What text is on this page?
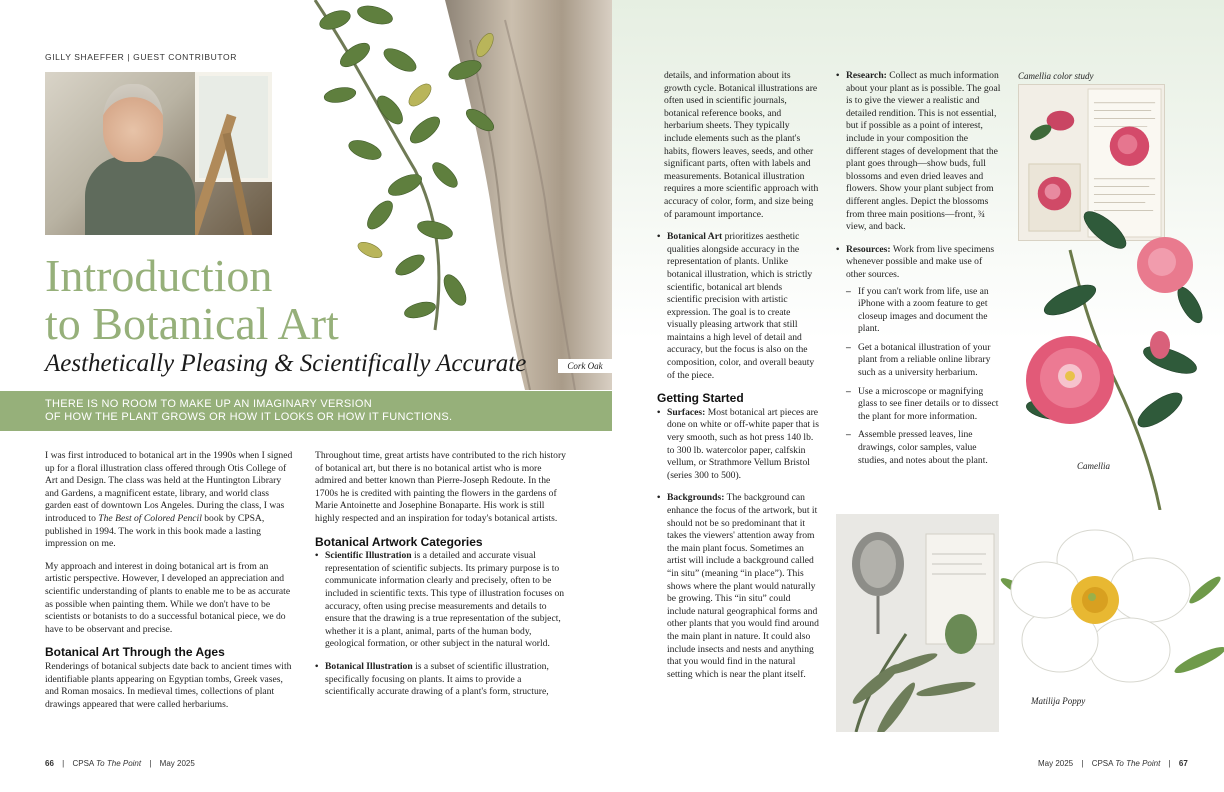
GILLY SHAEFFER | GUEST CONTRIBUTOR
Introduction
to Botanical Art
Aesthetically Pleasing & Scientifically Accurate	Cork Oak
THERE IS NO ROOM TO MAKE UP AN IMAGINARY VERSION
OF HOW THE PLANT GROWS OR HOW IT LOOKS OR HOW IT FUNCTIONS.

I was first introduced to botanical art in the 1990s when I signed up for a floral illustration class offered through Otis College of Art and Design. The class was held at the Huntington Library and Gardens, a magnificent estate, library, and world class garden east of downtown Los Angeles. During the class, I was introduced to The Best of Colored Pencil book by CPSA, published in 1994. The work in this book made a lasting impression on me.

My approach and interest in doing botanical art is from an artistic perspective. However, I developed an appreciation and scientific understanding of plants to enable me to be as accurate as possible when painting them. While we don't have to be scientists or botanists to do a successful botanical piece, we do have to be observant and precise.

Botanical Art Through the Ages

Renderings of botanical subjects date back to ancient times with identifiable plants appearing on Egyptian tombs, Greek vases, and Roman mosaics. In medieval times, collections of plant drawings appeared that were called herbariums.

Throughout time, great artists have contributed to the rich history of botanical art, but there is no botanical artist who is more admired and better known than Pierre-Joseph Redoute. In the 1700s he is credited with painting the flowers in the gardens of Marie Antoinette and Josephine Bonaparte. His work is still highly respected and an inspiration for today's botanical artists.

Botanical Artwork Categories
• Scientific Illustration is a detailed and accurate visual representation of scientific subjects. Its primary purpose is to communicate information clearly and precisely, often to be included in scientific texts. This type of illustration focuses on accuracy, often using precise measurements and details to ensure that the drawing is a true representation of the subject, whether it is a plant, animal, parts of the human body, geological formation, or other subject in the natural world.
• Botanical Illustration is a subset of scientific illustration, specifically focusing on plants. It aims to provide a scientifically accurate drawing of a plant's form, structure,
66 | CPSA To The Point | May 2025

details, and information about its growth cycle. Botanical illustrations are often used in scientific journals, botanical reference books, and herbarium sheets. They typically include elements such as the plant's habits, flowers leaves, seeds, and other significant parts, often with labels and measurements. Botanical illustration requires a more scientific approach with accuracy of color, form, and size being of paramount importance.

• Botanical Art prioritizes aesthetic qualities alongside accuracy in the representation of plants. Unlike botanical illustration, which is strictly scientific, botanical art blends scientific precision with artistic expression. The goal is to create visually pleasing artwork that still maintains a high level of detail and accuracy, but the focus is also on the composition, color, and overall beauty of the piece.
Getting Started
• Surfaces: Most botanical art pieces are done on white or off-white paper that is very smooth, such as hot press 140 lb. to 300 lb. watercolor paper, calfskin vellum, or Strathmore Vellum Bristol (series 300 to 500).
• Backgrounds: The background can enhance the focus of the artwork, but it should not be so predominant that it takes the viewers' attention away from the main plant focus. Sometimes an artist will include a background called “in situ” (meaning “in place”). This shows where the plant would naturally be growing. This “in situ” could include natural geographical forms and other plants that you would find around the main plant in nature. It could also include insects and nests and anything that you would find in the natural setting which is near the plant itself.
• Research: Collect as much information about your plant as is possible. The goal is to give the viewer a realistic and detailed rendition. This is not essential, but if possible as a point of interest, include in your composition the different stages of development that the plant goes through—show buds, full blossoms and even dried leaves and flowers. Show your plant subject from different angles. Depict the blossoms from three main positions—front, ¾ view, and back.
• Resources: Work from live specimens whenever possible and make use of other sources.
– If you can't work from life, use an iPhone with a zoom feature to get closeup images and document the plant.
– Get a botanical illustration of your plant from a reliable online library such as a university herbarium.
– Use a microscope or magnifying glass to see finer details or to dissect the plant for more information.
– Assemble pressed leaves, line drawings, color samples, value studies, and notes about the plant.
Camellia color study
Camellia
Matilija Poppy
May 2025 | CPSA To The Point | 67
